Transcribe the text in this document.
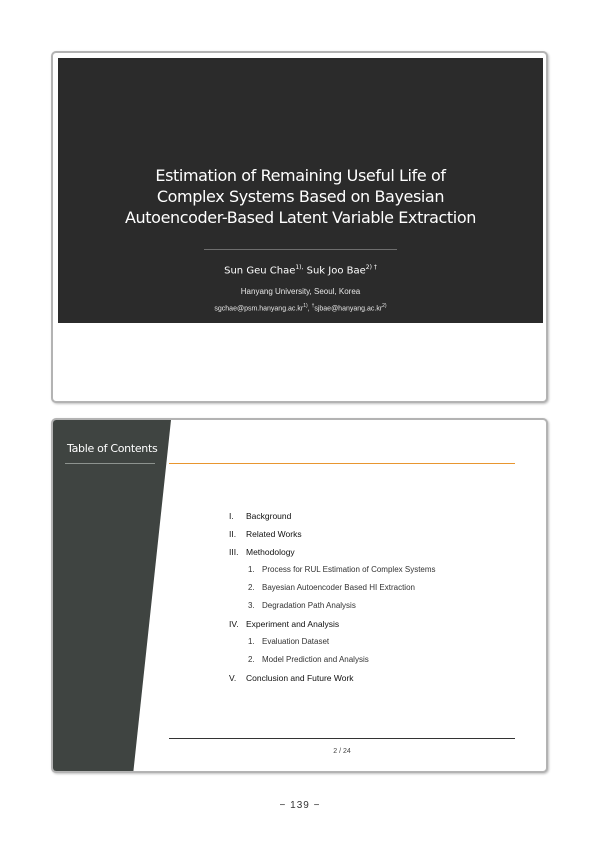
Estimation of Remaining Useful Life of
Complex Systems Based on Bayesian
Autoencoder-Based Latent Variable Extraction
Sun Geu Chae$^{1),}$ Suk Joo Bae$^{2) \dagger}$
Hanyang University, Seoul, Korea
$sgchae@psm.hanyang.ac.kr^{1)}$, $^\dagger sjbae@hanyang.ac.kr^{2)}$
Table of Contents
I. Background
II. Related Works
III. Methodology
1. Process for RUL Estimation of Complex Systems
2. Bayesian Autoencoder Based HI Extraction
3. Degradation Path Analysis
IV. Experiment and Analysis
1. Evaluation Dataset
2. Model Prediction and Analysis
V. Conclusion and Future Work
2 / 24
− 139 −
